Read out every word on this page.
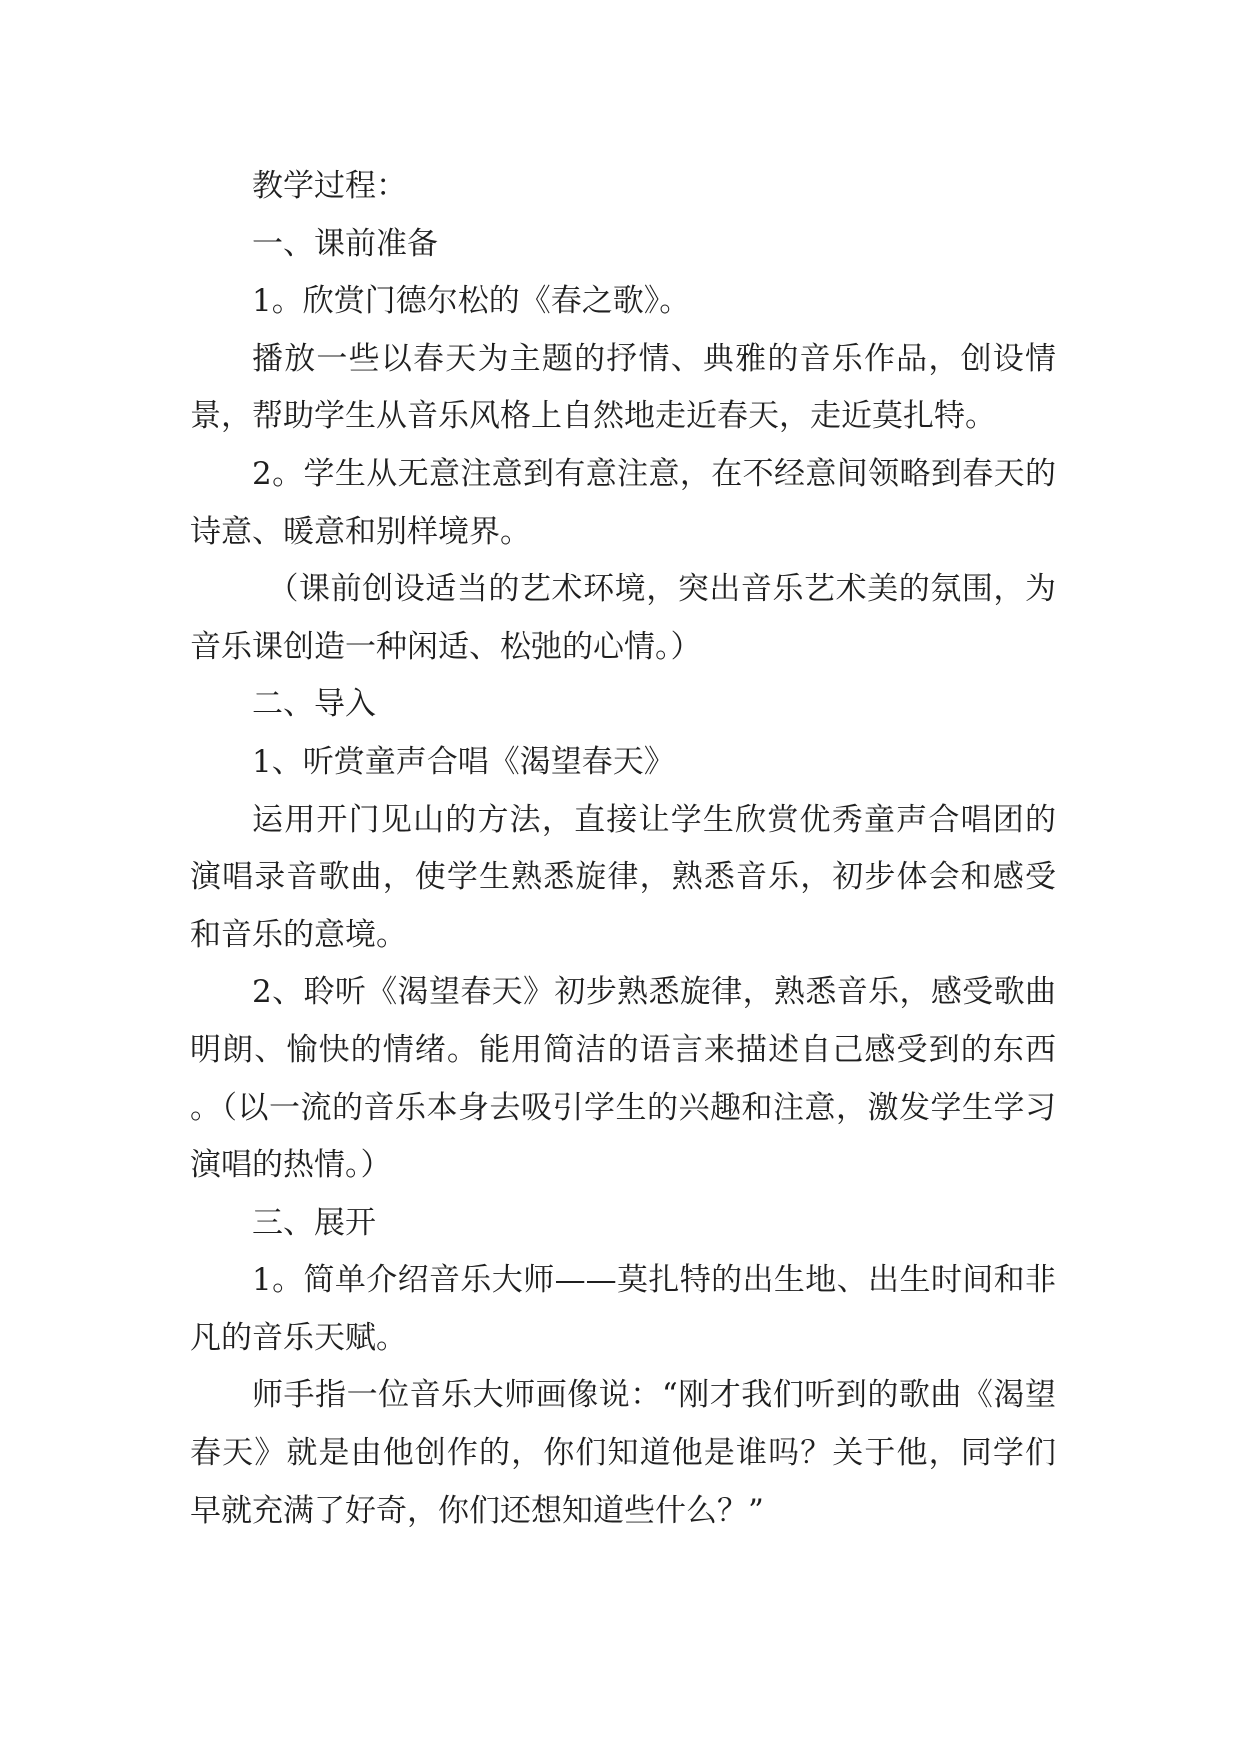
教学过程：

一、课前准备

1。欣赏门德尔松的《春之歌》。

播放一些以春天为主题的抒情、典雅的音乐作品，创设情景，帮助学生从音乐风格上自然地走近春天，走近莫扎特。

2。学生从无意注意到有意注意，在不经意间领略到春天的诗意、暖意和别样境界。

（课前创设适当的艺术环境，突出音乐艺术美的氛围，为音乐课创造一种闲适、松弛的心情。）

二、导入

1、听赏童声合唱《渴望春天》

运用开门见山的方法，直接让学生欣赏优秀童声合唱团的演唱录音歌曲，使学生熟悉旋律，熟悉音乐，初步体会和感受和音乐的意境。

2、聆听《渴望春天》初步熟悉旋律，熟悉音乐，感受歌曲明朗、愉快的情绪。能用简洁的语言来描述自己感受到的东西。（以一流的音乐本身去吸引学生的兴趣和注意，激发学生学习演唱的热情。）

三、展开

1。简单介绍音乐大师——莫扎特的出生地、出生时间和非凡的音乐天赋。

师手指一位音乐大师画像说：“刚才我们听到的歌曲《渴望春天》就是由他创作的，你们知道他是谁吗？关于他，同学们早就充满了好奇，你们还想知道些什么？”
